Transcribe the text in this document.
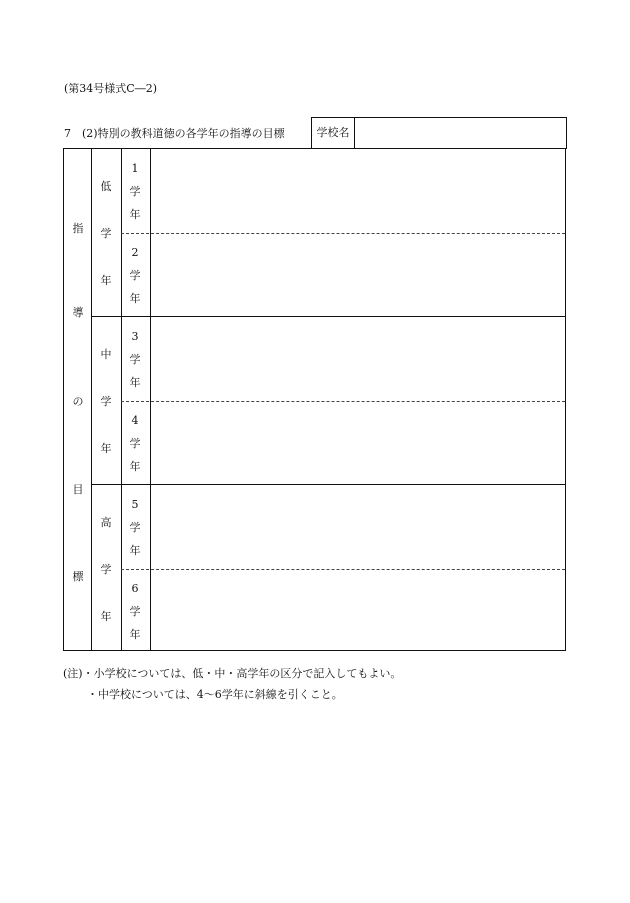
(第34号様式C―2)
7　(2)特別の教科道徳の各学年の指導の目標	学校名
指
導
の
目
標
低
学
年
1
学
年
2
学
年
中
学
年
3
学
年
4
学
年
高
学
年
5
学
年
6
学
年
(注)・小学校については、低・中・高学年の区分で記入してもよい。
・中学校については、4～6学年に斜線を引くこと。
